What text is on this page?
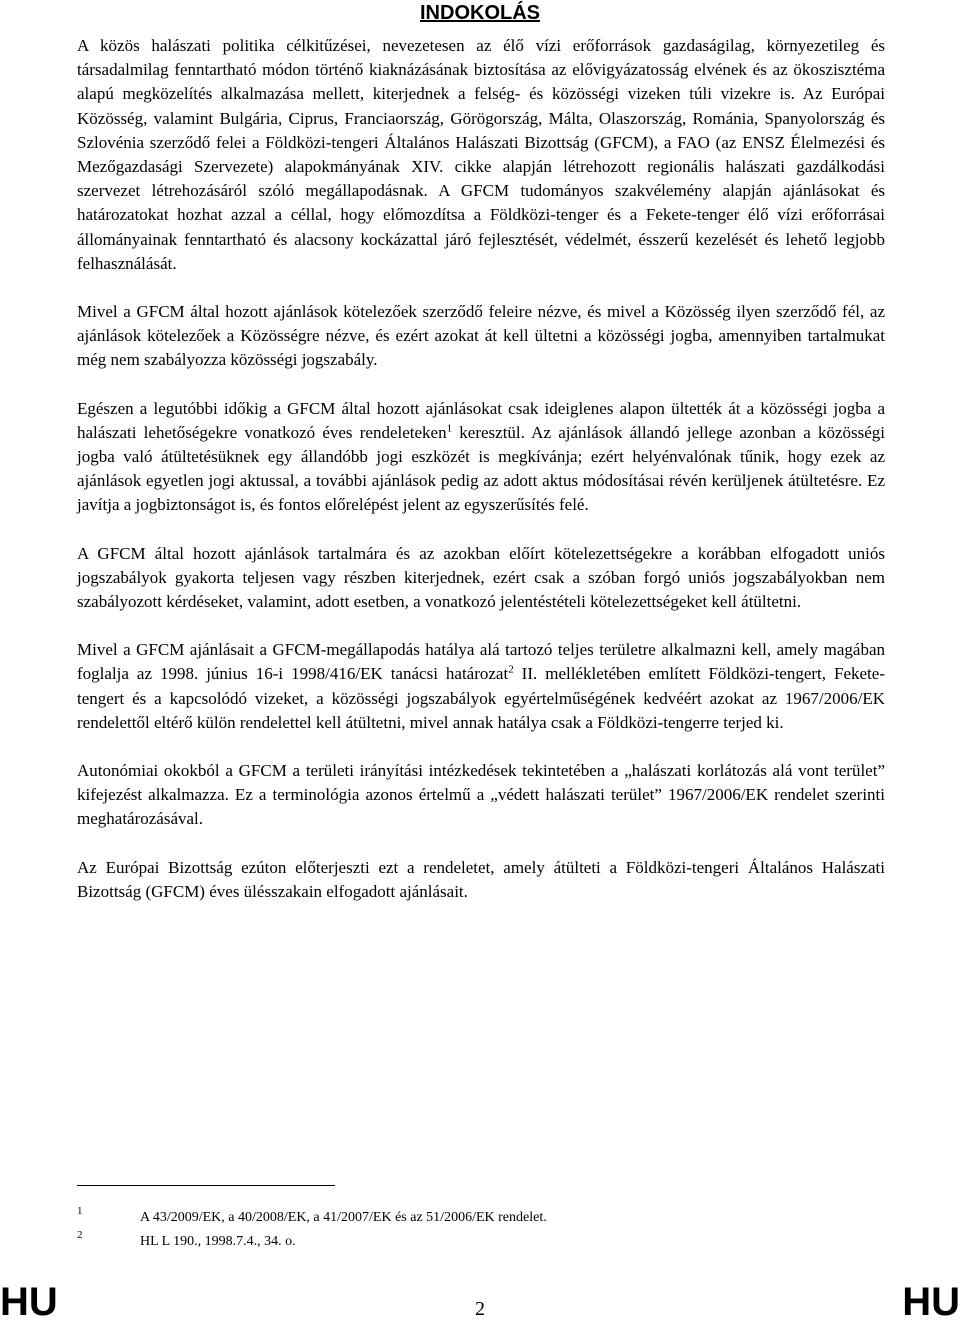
INDOKOLÁS

A közös halászati politika célkitűzései, nevezetesen az élő vízi erőforrások gazdaságilag, környezetileg és társadalmilag fenntartható módon történő kiaknázásának biztosítása az elővigyázatosság elvének és az ökoszisztéma alapú megközelítés alkalmazása mellett, kiterjednek a felség- és közösségi vizeken túli vizekre is. Az Európai Közösség, valamint Bulgária, Ciprus, Franciaország, Görögország, Málta, Olaszország, Románia, Spanyolország és Szlovénia szerződő felei a Földközi-tengeri Általános Halászati Bizottság (GFCM), a FAO (az ENSZ Élelmezési és Mezőgazdasági Szervezete) alapokmányának XIV. cikke alapján létrehozott regionális halászati gazdálkodási szervezet létrehozásáról szóló megállapodásnak. A GFCM tudományos szakvélemény alapján ajánlásokat és határozatokat hozhat azzal a céllal, hogy előmozdítsa a Földközi-tenger és a Fekete-tenger élő vízi erőforrásai állományainak fenntartható és alacsony kockázattal járó fejlesztését, védelmét, ésszerű kezelését és lehető legjobb felhasználását.

Mivel a GFCM által hozott ajánlások kötelezőek szerződő feleire nézve, és mivel a Közösség ilyen szerződő fél, az ajánlások kötelezőek a Közösségre nézve, és ezért azokat át kell ültetni a közösségi jogba, amennyiben tartalmukat még nem szabályozza közösségi jogszabály.

Egészen a legutóbbi időkig a GFCM által hozott ajánlásokat csak ideiglenes alapon ültették át a közösségi jogba a halászati lehetőségekre vonatkozó éves rendeleteken$^1$ keresztül. Az ajánlások állandó jellege azonban a közösségi jogba való átültetésüknek egy állandóbb jogi eszközét is megkívánja; ezért helyénvalónak tűnik, hogy ezek az ajánlások egyetlen jogi aktussal, a további ajánlások pedig az adott aktus módosításai révén kerüljenek átültetésre. Ez javítja a jogbiztonságot is, és fontos előrelépést jelent az egyszerűsítés felé.

A GFCM által hozott ajánlások tartalmára és az azokban előírt kötelezettségekre a korábban elfogadott uniós jogszabályok gyakorta teljesen vagy részben kiterjednek, ezért csak a szóban forgó uniós jogszabályokban nem szabályozott kérdéseket, valamint, adott esetben, a vonatkozó jelentéstételi kötelezettségeket kell átültetni.

Mivel a GFCM ajánlásait a GFCM-megállapodás hatálya alá tartozó teljes területre alkalmazni kell, amely magában foglalja az 1998. június 16-i 1998/416/EK tanácsi határozat$^2$ II. mellékletében említett Földközi-tengert, Fekete-tengert és a kapcsolódó vizeket, a közösségi jogszabályok egyértelműségének kedvéért azokat az 1967/2006/EK rendelettől eltérő külön rendelettel kell átültetni, mivel annak hatálya csak a Földközi-tengerre terjed ki.

Autonómiai okokból a GFCM a területi irányítási intézkedések tekintetében a „halászati korlátozás alá vont terület” kifejezést alkalmazza. Ez a terminológia azonos értelmű a „védett halászati terület” 1967/2006/EK rendelet szerinti meghatározásával.

Az Európai Bizottság ezúton előterjeszti ezt a rendeletet, amely átülteti a Földközi-tengeri Általános Halászati Bizottság (GFCM) éves ülésszakain elfogadott ajánlásait.

1	A 43/2009/EK, a 40/2008/EK, a 41/2007/EK és az 51/2006/EK rendelet.
2	HL L 190., 1998.7.4., 34. o.
HU	2	HU
